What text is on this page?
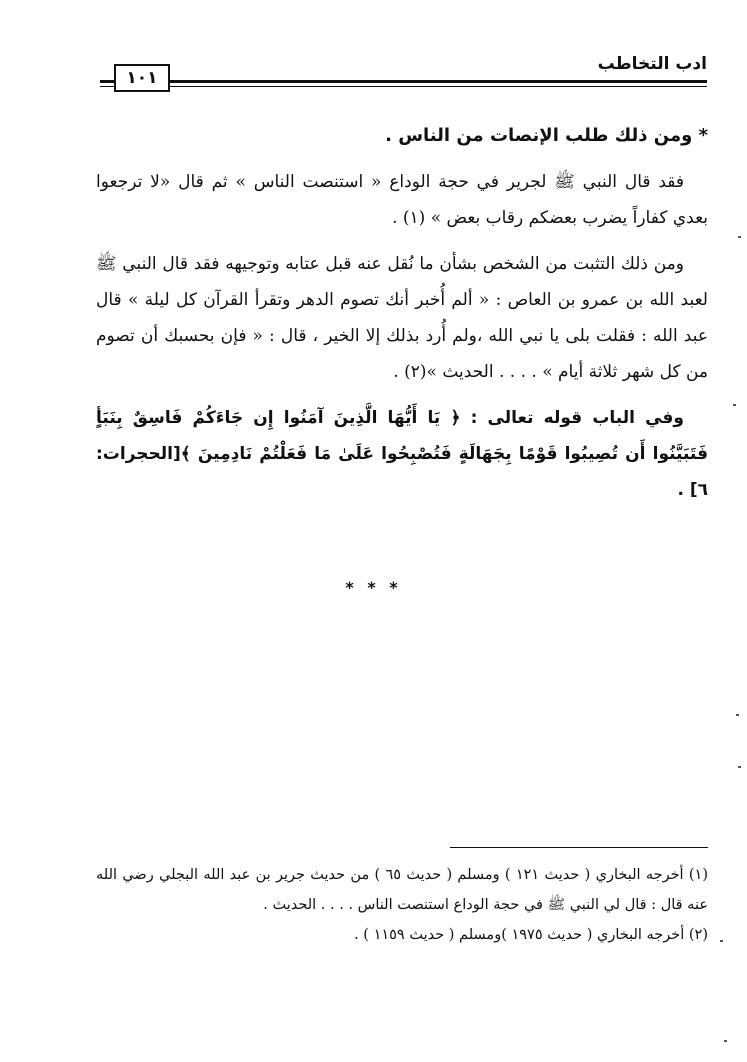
١٠١
ادب التخاطب

* ومن ذلك طلب الإنصات من الناس .

فقد قال النبي ﷺ لجرير في حجة الوداع « استنصت الناس » ثم قال «لا ترجعوا بعدي كفاراً يضرب بعضكم رقاب بعض » (١) .

ومن ذلك التثبت من الشخص بشأن ما نُقل عنه قبل عتابه وتوجيهه فقد قال النبي ﷺ لعبد الله بن عمرو بن العاص : « ألم أُخبر أنك تصوم الدهر وتقرأ القرآن كل ليلة » قال عبد الله : فقلت بلى يا نبي الله ،ولم أُرد بذلك إلا الخير ، قال : « فإن بحسبك أن تصوم من كل شهر ثلاثة أيام » . . . . الحديث »(٢) .

وفي الباب قوله تعالى : ﴿ يَا أَيُّهَا الَّذِينَ آمَنُوا إِن جَاءَكُمْ فَاسِقٌ بِنَبَأٍ فَتَبَيَّنُوا أَن تُصِيبُوا قَوْمًا بِجَهَالَةٍ فَتُصْبِحُوا عَلَىٰ مَا فَعَلْتُمْ نَادِمِينَ ﴾[الحجرات: ٦] .

* * *

(١) أخرجه البخاري ( حديث ١٢١ ) ومسلم ( حديث ٦٥ ) من حديث جرير بن عبد الله البجلي رضي الله عنه قال : قال لي النبي ﷺ في حجة الوداع استنصت الناس . . . . الحديث .

(٢) أخرجه البخاري ( حديث ١٩٧٥ )ومسلم ( حديث ١١٥٩ ) .
